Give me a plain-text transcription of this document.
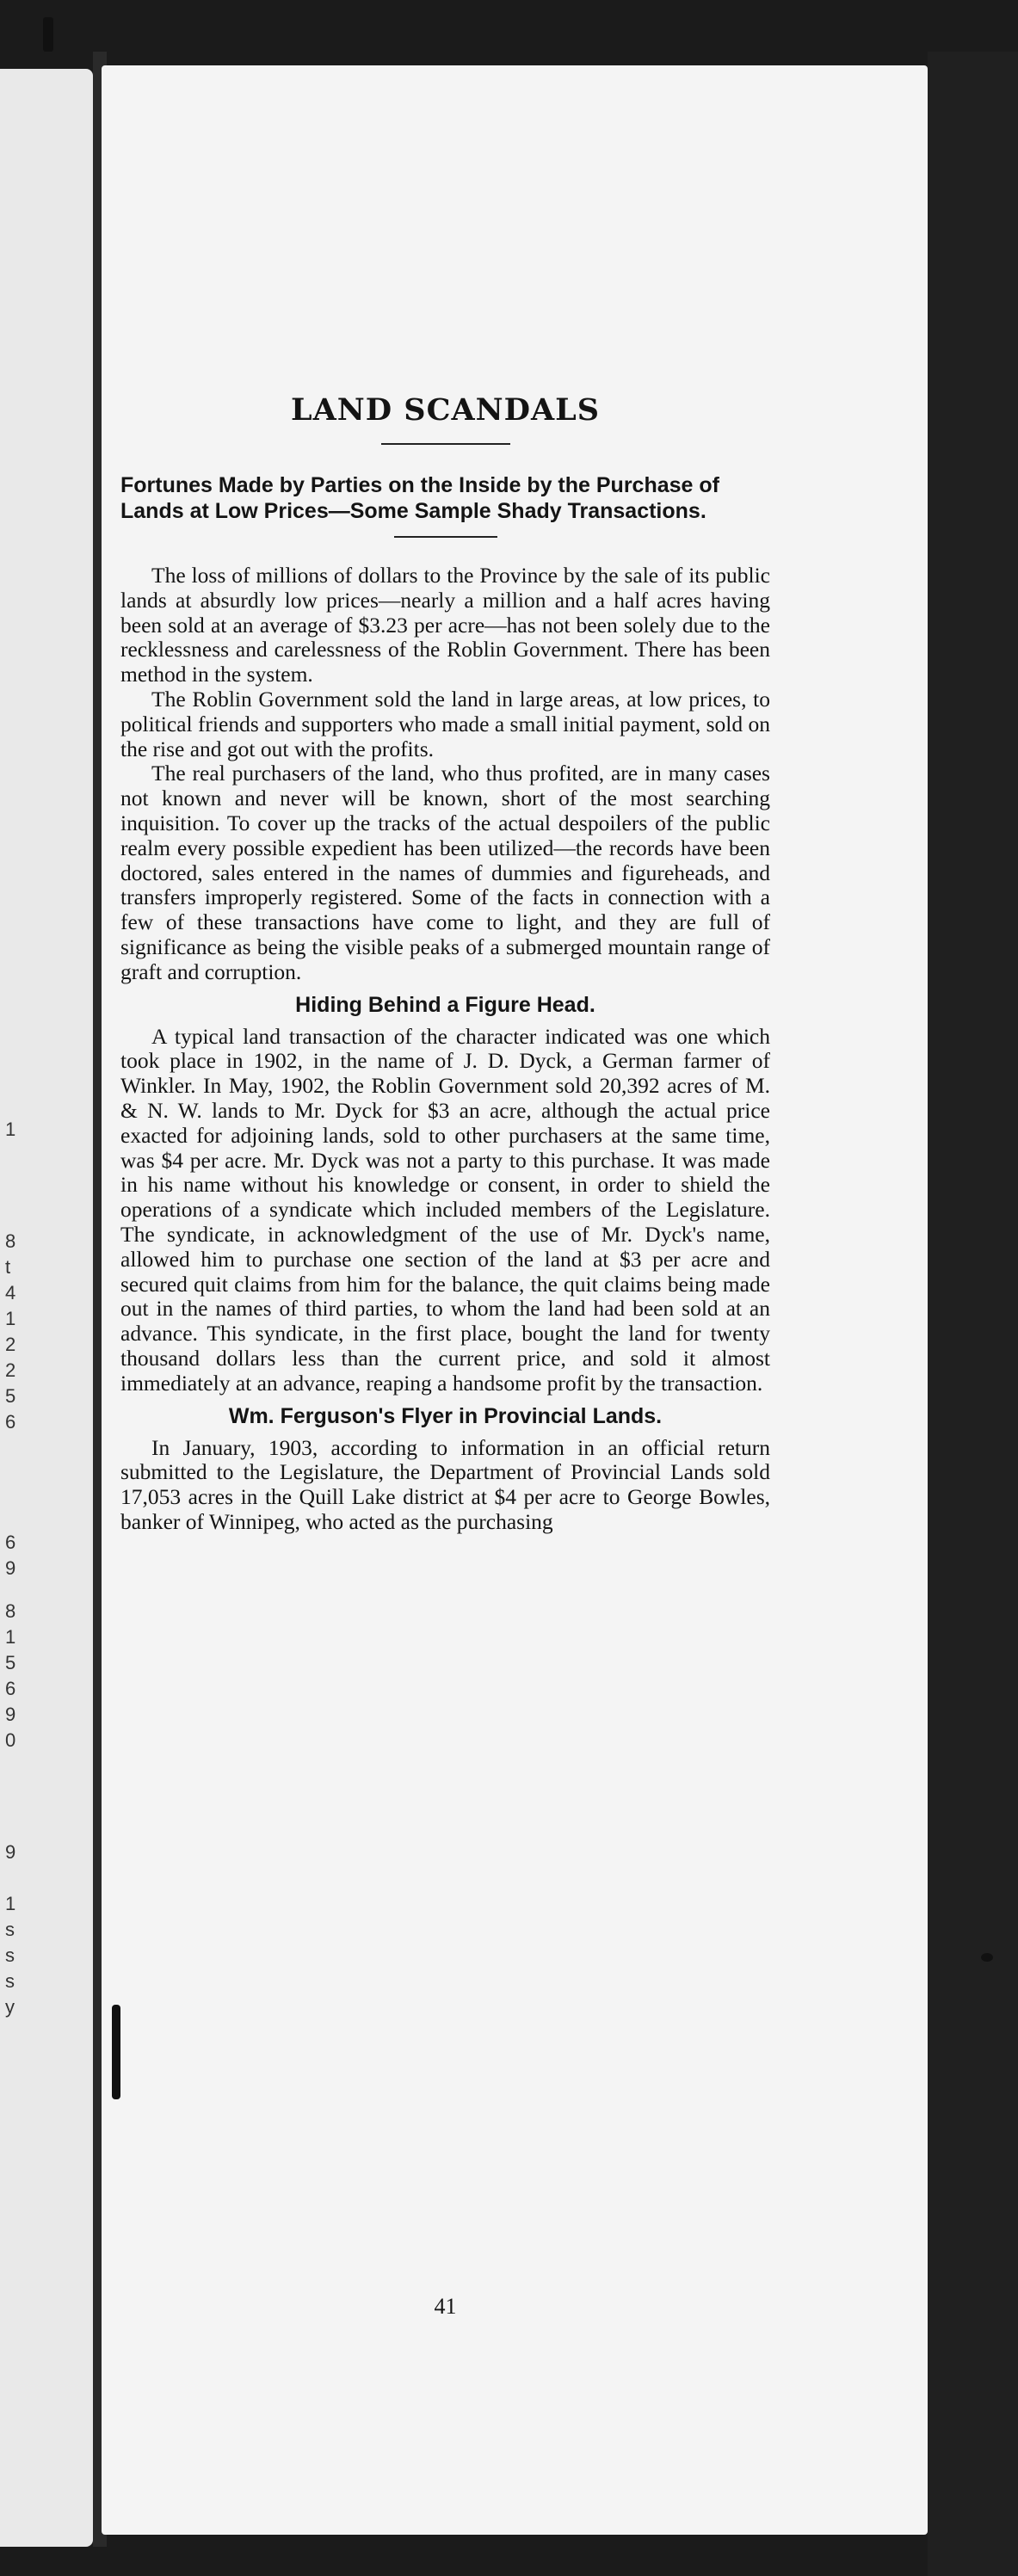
1
8
t
4
1
2
2
5
6
6
9
8
1
5
6
9
0
9
1
s
s
s
y
LAND SCANDALS
Fortunes Made by Parties on the Inside by the Purchase of Lands at Low Prices—Some Sample Shady Transactions.

The loss of millions of dollars to the Province by the sale of its public lands at absurdly low prices—nearly a million and a half acres having been sold at an average of $3.23 per acre—has not been solely due to the recklessness and carelessness of the Roblin Government. There has been method in the system.

The Roblin Government sold the land in large areas, at low prices, to political friends and supporters who made a small initial payment, sold on the rise and got out with the profits.

The real purchasers of the land, who thus profited, are in many cases not known and never will be known, short of the most searching inquisition. To cover up the tracks of the actual despoilers of the public realm every possible expedient has been utilized—the records have been doctored, sales entered in the names of dummies and figureheads, and transfers improperly registered. Some of the facts in connection with a few of these transactions have come to light, and they are full of significance as being the visible peaks of a submerged mountain range of graft and corruption.

Hiding Behind a Figure Head.

A typical land transaction of the character indicated was one which took place in 1902, in the name of J. D. Dyck, a German farmer of Winkler. In May, 1902, the Roblin Government sold 20,392 acres of M. & N. W. lands to Mr. Dyck for $3 an acre, although the actual price exacted for adjoining lands, sold to other purchasers at the same time, was $4 per acre. Mr. Dyck was not a party to this purchase. It was made in his name without his knowledge or consent, in order to shield the operations of a syndicate which included members of the Legislature. The syndicate, in acknowledgment of the use of Mr. Dyck's name, allowed him to purchase one section of the land at $3 per acre and secured quit claims from him for the balance, the quit claims being made out in the names of third parties, to whom the land had been sold at an advance. This syndicate, in the first place, bought the land for twenty thousand dollars less than the current price, and sold it almost immediately at an advance, reaping a handsome profit by the transaction.

Wm. Ferguson's Flyer in Provincial Lands.

In January, 1903, according to information in an official return submitted to the Legislature, the Department of Provincial Lands sold 17,053 acres in the Quill Lake district at $4 per acre to George Bowles, banker of Winnipeg, who acted as the purchasing

41
